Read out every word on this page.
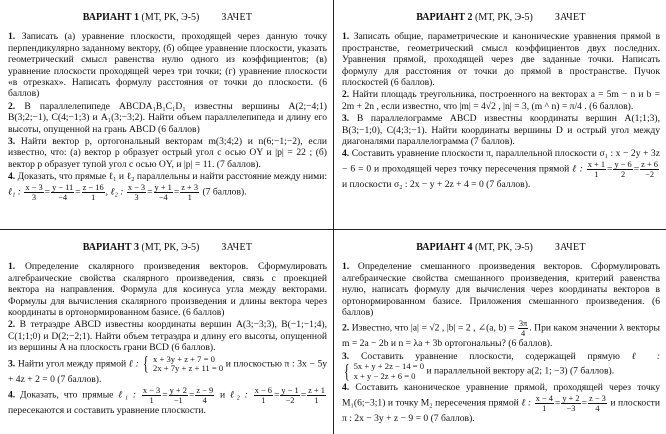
ВАРИАНТ 1 (МТ, РК, Э-5) ЗАЧЕТ

1. Записать (а) уравнение плоскости, проходящей через данную точку перпендикулярно заданному вектору, (б) общее уравнение плоскости, указать геометрический смысл равенства нулю одного из коэффициентов; (в) уравнение плоскости проходящей через три точки; (г) уравнение плоскости «в отрезках». Написать формулу расстояния от точки до плоскости. (6 баллов)

2. В параллелепипеде ABCDA₁B₁C₁D₁ известны вершины A(2;−4;1) B(3;2;−1), C(4;−1;3) и A₁(3;−3;2). Найти объем параллелепипеда и длину его высоты, опущенной на грань ABCD (6 баллов)

3. Найти вектор p, ортогональный векторам m(3;4;2) и n(6;−1;−2), если известно, что: (а) вектор p образует острый угол с осью OY и |p| = 22 ; (б) вектор p образует тупой угол с осью OY, и |p| = 11. (7 баллов).

4. Доказать, что прямые ℓ₁ и ℓ₂ параллельны и найти расстояние между ними: ℓ₁ : $\frac{x - 3}{3} = \frac{y - 11}{-4} = \frac{z - 16}{1}$ , ℓ₂ : $\frac{x - 3}{3} = \frac{y + 1}{-4} = \frac{z + 3}{1} (7$ баллов).

ВАРИАНТ 2 (МТ, РК, Э-5) ЗАЧЕТ

1. Записать общие, параметрические и канонические уравнения прямой в пространстве, геометрический смысл коэффициентов двух последних. Уравнения прямой, проходящей через две заданные точки. Написать формулу для расстояния от точки до прямой в пространстве. Пучок плоскостей (6 баллов).

2. Найти площадь треугольника, построенного на векторах a = 5m − n и b = 2m + 2n , если известно, что |m| = 4√2 , |n| = 3, (m ^ n) = π/4 . (6 баллов).

3. В параллелограмме ABCD известны координаты вершин A(1;1;3), B(3;−1;0), C(4;3;−1). Найти координаты вершины D и острый угол между диагоналями параллелограмма (7 баллов).

4. Составить уравнение плоскости π, параллельной плоскости σ₁ : x − 2y + 3z − 6 = 0 и проходящей через точку пересечения прямой ℓ : $\frac{x + 1}{1} = \frac{y - 6}{2} = \frac{z + 6}{-2}$
и плоскости σ₂ : 2x − y + 2z + 4 = 0 (7 баллов).

ВАРИАНТ 3 (МТ, РК, Э-5) ЗАЧЕТ

1. Определение скалярного произведения векторов. Сформулировать алгебраические свойства скалярного произведения, связь с проекцией вектора на направления. Формула для косинуса угла между векторами. Формулы для вычисления скалярного произведения и длины вектора через координаты в ортонормированном базисе. (6 баллов)

2. В тетраэдре ABCD известны координаты вершин A(3;−3;3), B(−1;−1;4), C(1;1;0) и D(2;−2;1). Найти объем тетраэдра и длину его высоты, опущенной из вершины A на плоскость грани BCD (6 баллов).

3. Найти угол между прямой ℓ : { x + 3y + z + 7 = 0
2x + 7y + z + 11 = 0 и плоскостью π : 3x − 5y + 4z + 2 = 0 (7 баллов).

4. Доказать, что прямые ℓ₁ : $\frac{x - 3}{1} = \frac{y + 2}{-1} = \frac{z - 9}{4}$ и ℓ₂ : $\frac{x - 6}{1} = \frac{y - 1}{-2} = \frac{z + 1}{1}$
пересекаются и составить уравнение плоскости.

ВАРИАНТ 4 (МТ, РК, Э-5) ЗАЧЕТ

1. Определение смешанного произведения векторов. Сформулировать алгебраические свойства смешанного произведения, критерий равенства нулю, написать формулу для вычисления через координаты векторов в ортонормированном базисе. Приложения смешанного произведения. (6 баллов)

2. Известно, что |a| = √2 , |b| = 2 , ∠(a, $b) = \frac{3\pi}{4}$ . При каком значении λ векторы m = 2a − 2b и n = λa + 3b ортогональны? (6 баллов).

3. Составить уравнение плоскости, содержащей прямую ℓ :
{ 5x + y + 2z − 14 = 0
x + y − 2z + 6 = 0	и параллельной вектору a(2; 1; −3) (7 баллов).

4. Составить каноническое уравнение прямой, проходящей через точку M₁(6;−3;1) и точку M₂ пересечения прямой ℓ : $\frac{x - 4}{1} = \frac{y + 2}{-3} = \frac{z - 3}{4}$ и плоскости π : 2x − 3y + z − 9 = 0 (7 баллов).
